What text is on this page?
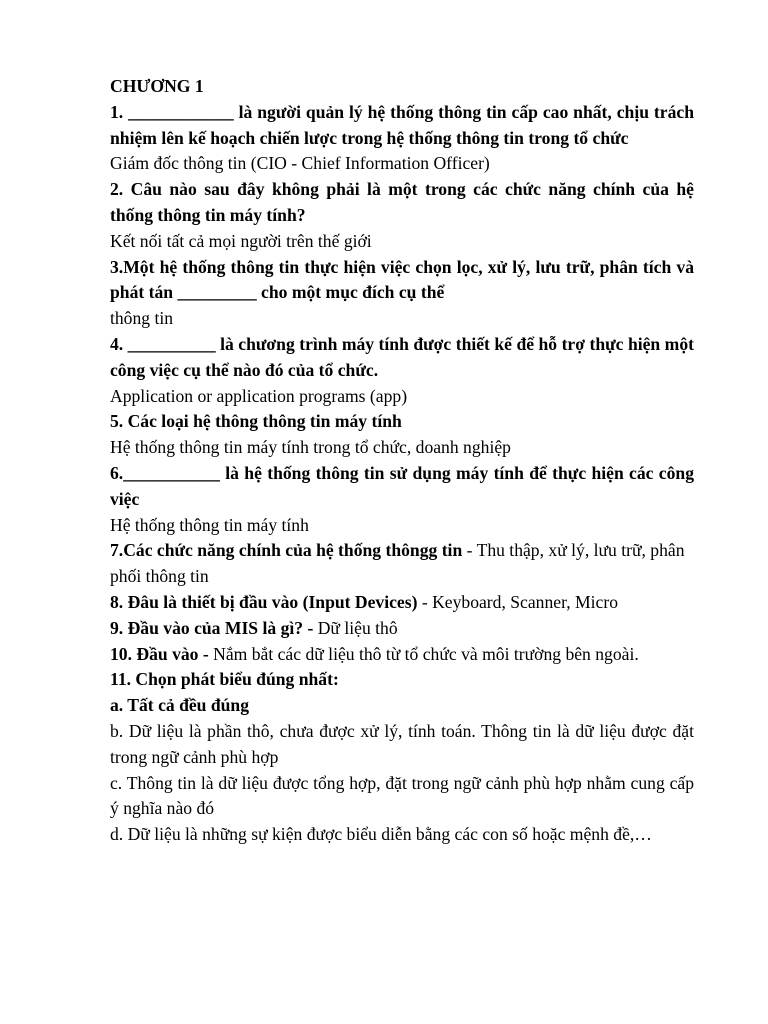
CHƯƠNG 1

1. ____________ là người quản lý hệ thống thông tin cấp cao nhất, chịu trách nhiệm lên kế hoạch chiến lược trong hệ thống thông tin trong tổ chức

Giám đốc thông tin (CIO - Chief Information Officer)

2. Câu nào sau đây không phải là một trong các chức năng chính của hệ thống thông tin máy tính?

Kết nối tất cả mọi người trên thế giới

3.Một hệ thống thông tin thực hiện việc chọn lọc, xử lý, lưu trữ, phân tích và phát tán _________ cho một mục đích cụ thể

thông tin

4. __________ là chương trình máy tính được thiết kế để hỗ trợ thực hiện một công việc cụ thể nào đó của tổ chức.

Application or application programs (app)

5. Các loại hệ thông thông tin máy tính

Hệ thống thông tin máy tính trong tổ chức, doanh nghiệp

6.___________ là hệ thống thông tin sử dụng máy tính để thực hiện các công việc

Hệ thống thông tin máy tính

7.Các chức năng chính của hệ thống thôngg tin - Thu thập, xử lý, lưu trữ, phân phối thông tin

8. Đâu là thiết bị đầu vào (Input Devices) - Keyboard, Scanner, Micro

9. Đầu vào của MIS là gì? - Dữ liệu thô

10. Đầu vào - Nắm bắt các dữ liệu thô từ tổ chức và môi trường bên ngoài.

11. Chọn phát biểu đúng nhất:

a. Tất cả đều đúng

b. Dữ liệu là phần thô, chưa được xử lý, tính toán. Thông tin là dữ liệu được đặt trong ngữ cảnh phù hợp

c. Thông tin là dữ liệu được tổng hợp, đặt trong ngữ cảnh phù hợp nhằm cung cấp ý nghĩa nào đó

d. Dữ liệu là những sự kiện được biểu diễn bằng các con số hoặc mệnh đề,…
